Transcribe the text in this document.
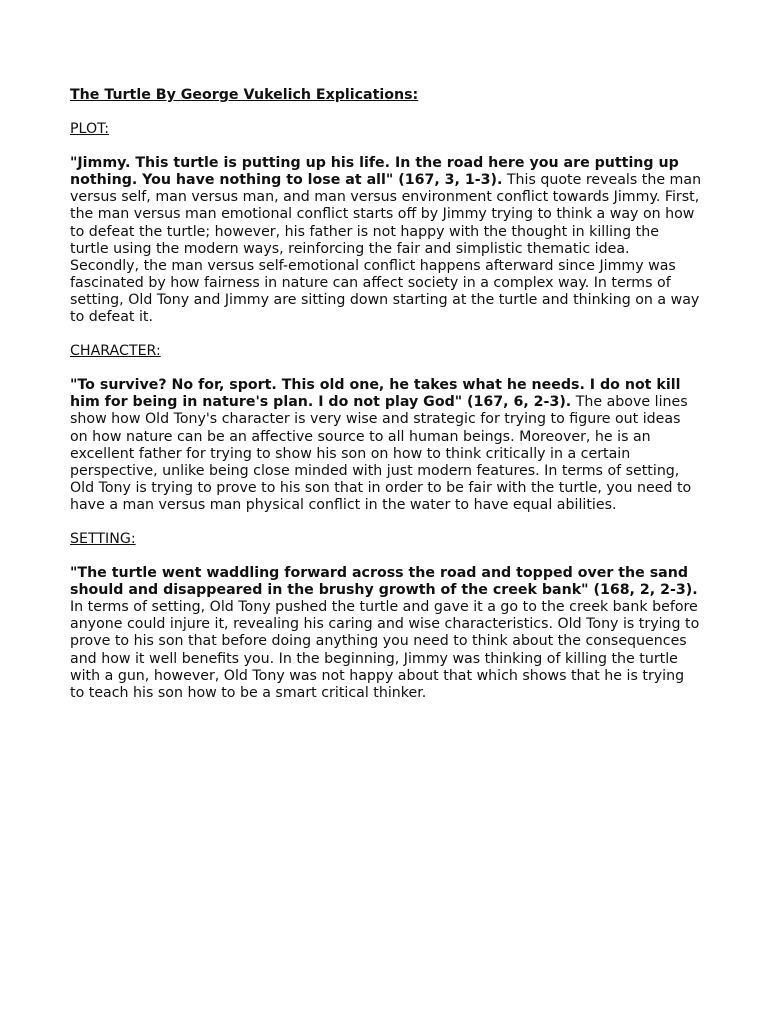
The Turtle By George Vukelich Explications:
PLOT:

"Jimmy. This turtle is putting up his life. In the road here you are putting up nothing. You have nothing to lose at all" (167, 3, 1-3). This quote reveals the man versus self, man versus man, and man versus environment conflict towards Jimmy. First, the man versus man emotional conflict starts off by Jimmy trying to think a way on how to defeat the turtle; however, his father is not happy with the thought in killing the turtle using the modern ways, reinforcing the fair and simplistic thematic idea. Secondly, the man versus self-emotional conflict happens afterward since Jimmy was fascinated by how fairness in nature can affect society in a complex way. In terms of setting, Old Tony and Jimmy are sitting down starting at the turtle and thinking on a way to defeat it.

CHARACTER:

"To survive? No for, sport. This old one, he takes what he needs. I do not kill him for being in nature's plan. I do not play God" (167, 6, 2-3). The above lines show how Old Tony's character is very wise and strategic for trying to figure out ideas on how nature can be an affective source to all human beings. Moreover, he is an excellent father for trying to show his son on how to think critically in a certain perspective, unlike being close minded with just modern features. In terms of setting, Old Tony is trying to prove to his son that in order to be fair with the turtle, you need to have a man versus man physical conflict in the water to have equal abilities.

SETTING:

"The turtle went waddling forward across the road and topped over the sand should and disappeared in the brushy growth of the creek bank" (168, 2, 2-3). In terms of setting, Old Tony pushed the turtle and gave it a go to the creek bank before anyone could injure it, revealing his caring and wise characteristics. Old Tony is trying to prove to his son that before doing anything you need to think about the consequences and how it well benefits you. In the beginning, Jimmy was thinking of killing the turtle with a gun, however, Old Tony was not happy about that which shows that he is trying to teach his son how to be a smart critical thinker.
